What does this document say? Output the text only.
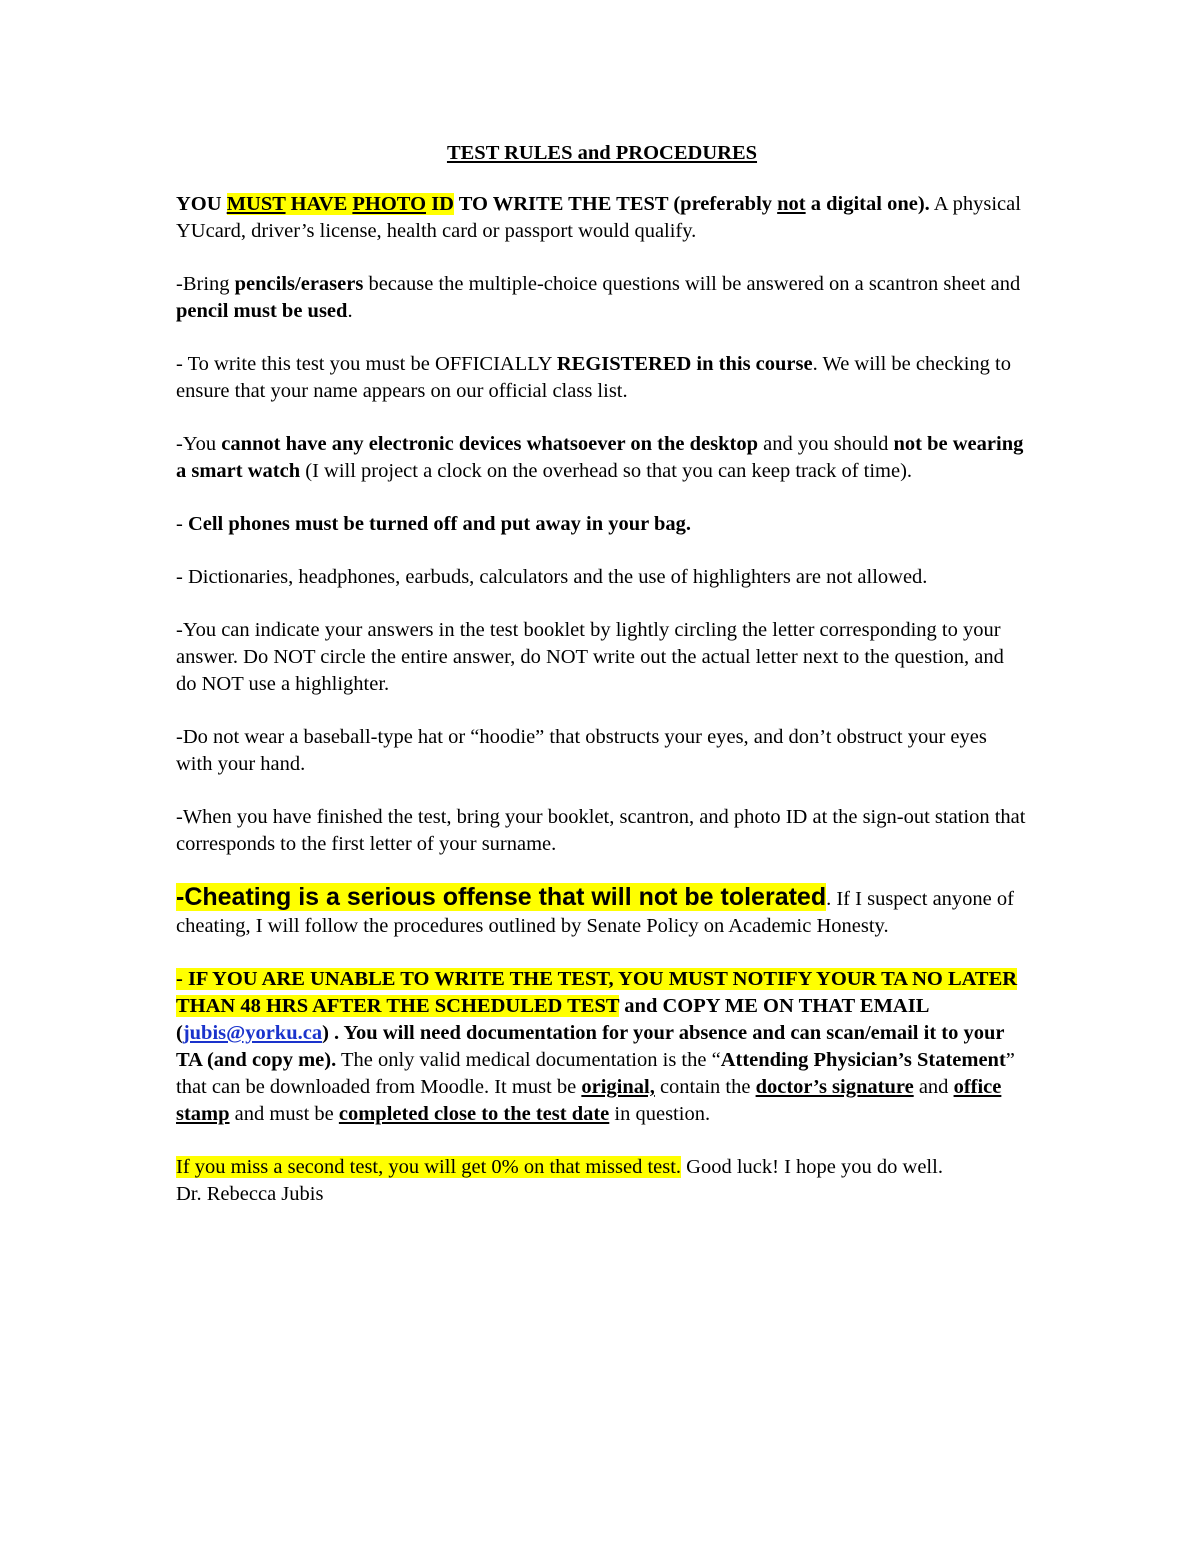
TEST RULES and PROCEDURES

YOU MUST HAVE PHOTO ID TO WRITE THE TEST (preferably not a digital one). A physical YUcard, driver’s license, health card or passport would qualify.

-Bring pencils/erasers because the multiple-choice questions will be answered on a scantron sheet and pencil must be used.

- To write this test you must be OFFICIALLY REGISTERED in this course. We will be checking to ensure that your name appears on our official class list.

-You cannot have any electronic devices whatsoever on the desktop and you should not be wearing a smart watch (I will project a clock on the overhead so that you can keep track of time).

- Cell phones must be turned off and put away in your bag.

- Dictionaries, headphones, earbuds, calculators and the use of highlighters are not allowed.

-You can indicate your answers in the test booklet by lightly circling the letter corresponding to your answer. Do NOT circle the entire answer, do NOT write out the actual letter next to the question, and do NOT use a highlighter.

-Do not wear a baseball-type hat or “hoodie” that obstructs your eyes, and don’t obstruct your eyes with your hand.

-When you have finished the test, bring your booklet, scantron, and photo ID at the sign-out station that corresponds to the first letter of your surname.

-Cheating is a serious offense that will not be tolerated. If I suspect anyone of cheating, I will follow the procedures outlined by Senate Policy on Academic Honesty.

- IF YOU ARE UNABLE TO WRITE THE TEST, YOU MUST NOTIFY YOUR TA NO LATER THAN 48 HRS AFTER THE SCHEDULED TEST and COPY ME ON THAT EMAIL (jubis@yorku.ca) . You will need documentation for your absence and can scan/email it to your TA (and copy me). The only valid medical documentation is the “Attending Physician’s Statement” that can be downloaded from Moodle. It must be original, contain the doctor’s signature and office stamp and must be completed close to the test date in question.

If you miss a second test, you will get 0% on that missed test. Good luck! I hope you do well.

Dr. Rebecca Jubis
